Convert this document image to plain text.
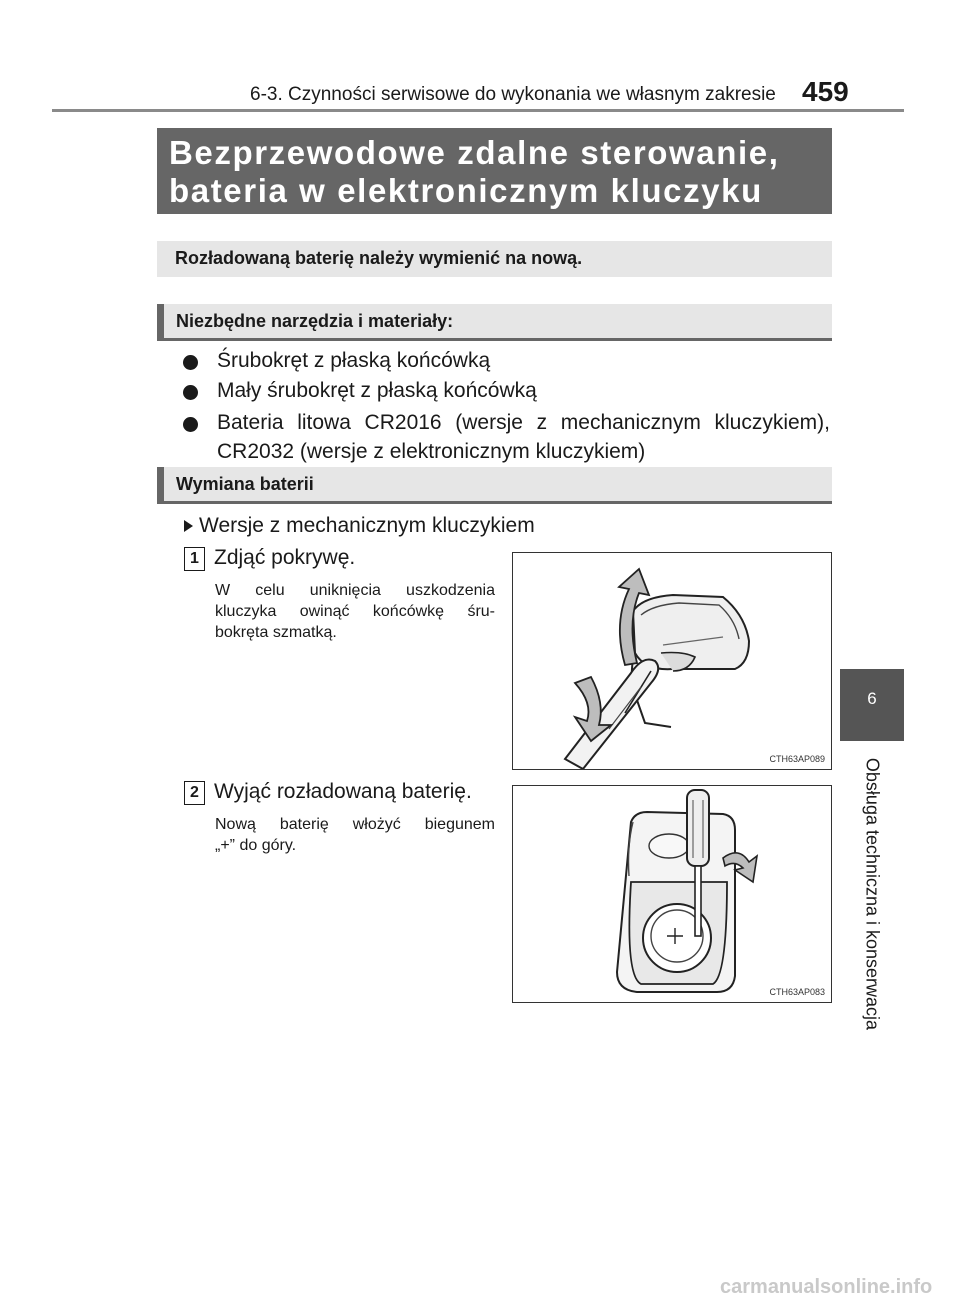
6-3. Czynności serwisowe do wykonania we własnym zakresie 459
6
Obsługa techniczna i konserwacja
Bezprzewodowe zdalne sterowanie,
bateria w elektronicznym kluczyku
Rozładowaną baterię należy wymienić na nową.
Niezbędne narzędzia i materiały:
Śrubokręt z płaską końcówką
Mały śrubokręt z płaską końcówką
Bateria litowa CR2016 (wersje z mechanicznym kluczykiem),
CR2032 (wersje z elektronicznym kluczykiem)
Wymiana baterii
Wersje z mechanicznym kluczykiem
1 Zdjąć pokrywę.
W celu uniknięcia uszkodzenia
kluczyka owinąć końcówkę śru-
bokręta szmatką.
CTH63AP089
2 Wyjąć rozładowaną baterię.
Nową baterię włożyć biegunem
„+” do góry.
CTH63AP083
carmanualsonline.info
